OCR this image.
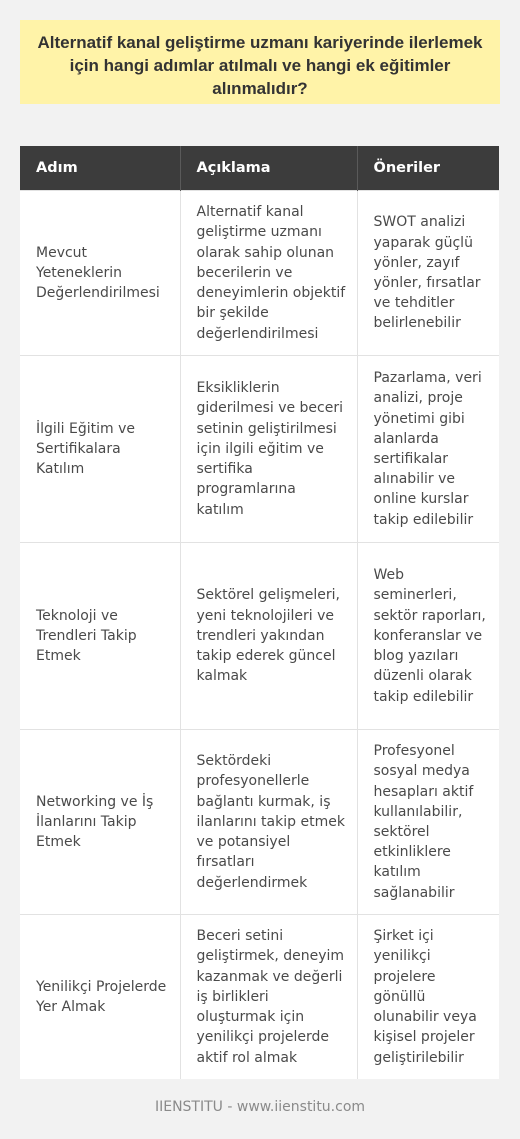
Alternatif kanal geliştirme uzmanı kariyerinde ilerlemek için hangi adımlar atılmalı ve hangi ek eğitimler alınmalıdır?
Adım	Açıklama	Öneriler
Mevcut Yeteneklerin Değerlendirilmesi	Alternatif kanal geliştirme uzmanı olarak sahip olunan becerilerin ve deneyimlerin objektif bir şekilde değerlendirilmesi	SWOT analizi yaparak güçlü yönler, zayıf yönler, fırsatlar ve tehditler belirlenebilir
İlgili Eğitim ve Sertifikalara Katılım	Eksikliklerin giderilmesi ve beceri setinin geliştirilmesi için ilgili eğitim ve sertifika programlarına katılım	Pazarlama, veri analizi, proje yönetimi gibi alanlarda sertifikalar alınabilir ve online kurslar takip edilebilir
Teknoloji ve Trendleri Takip Etmek	Sektörel gelişmeleri, yeni teknolojileri ve trendleri yakından takip ederek güncel kalmak	Web seminerleri, sektör raporları, konferanslar ve blog yazıları düzenli olarak takip edilebilir
Networking ve İş İlanlarını Takip Etmek	Sektördeki profesyonellerle bağlantı kurmak, iş ilanlarını takip etmek ve potansiyel fırsatları değerlendirmek	Profesyonel sosyal medya hesapları aktif kullanılabilir, sektörel etkinliklere katılım sağlanabilir
Yenilikçi Projelerde Yer Almak	Beceri setini geliştirmek, deneyim kazanmak ve değerli iş birlikleri oluşturmak için yenilikçi projelerde aktif rol almak	Şirket içi yenilikçi projelere gönüllü olunabilir veya kişisel projeler geliştirilebilir
IIENSTITU - www.iienstitu.com
